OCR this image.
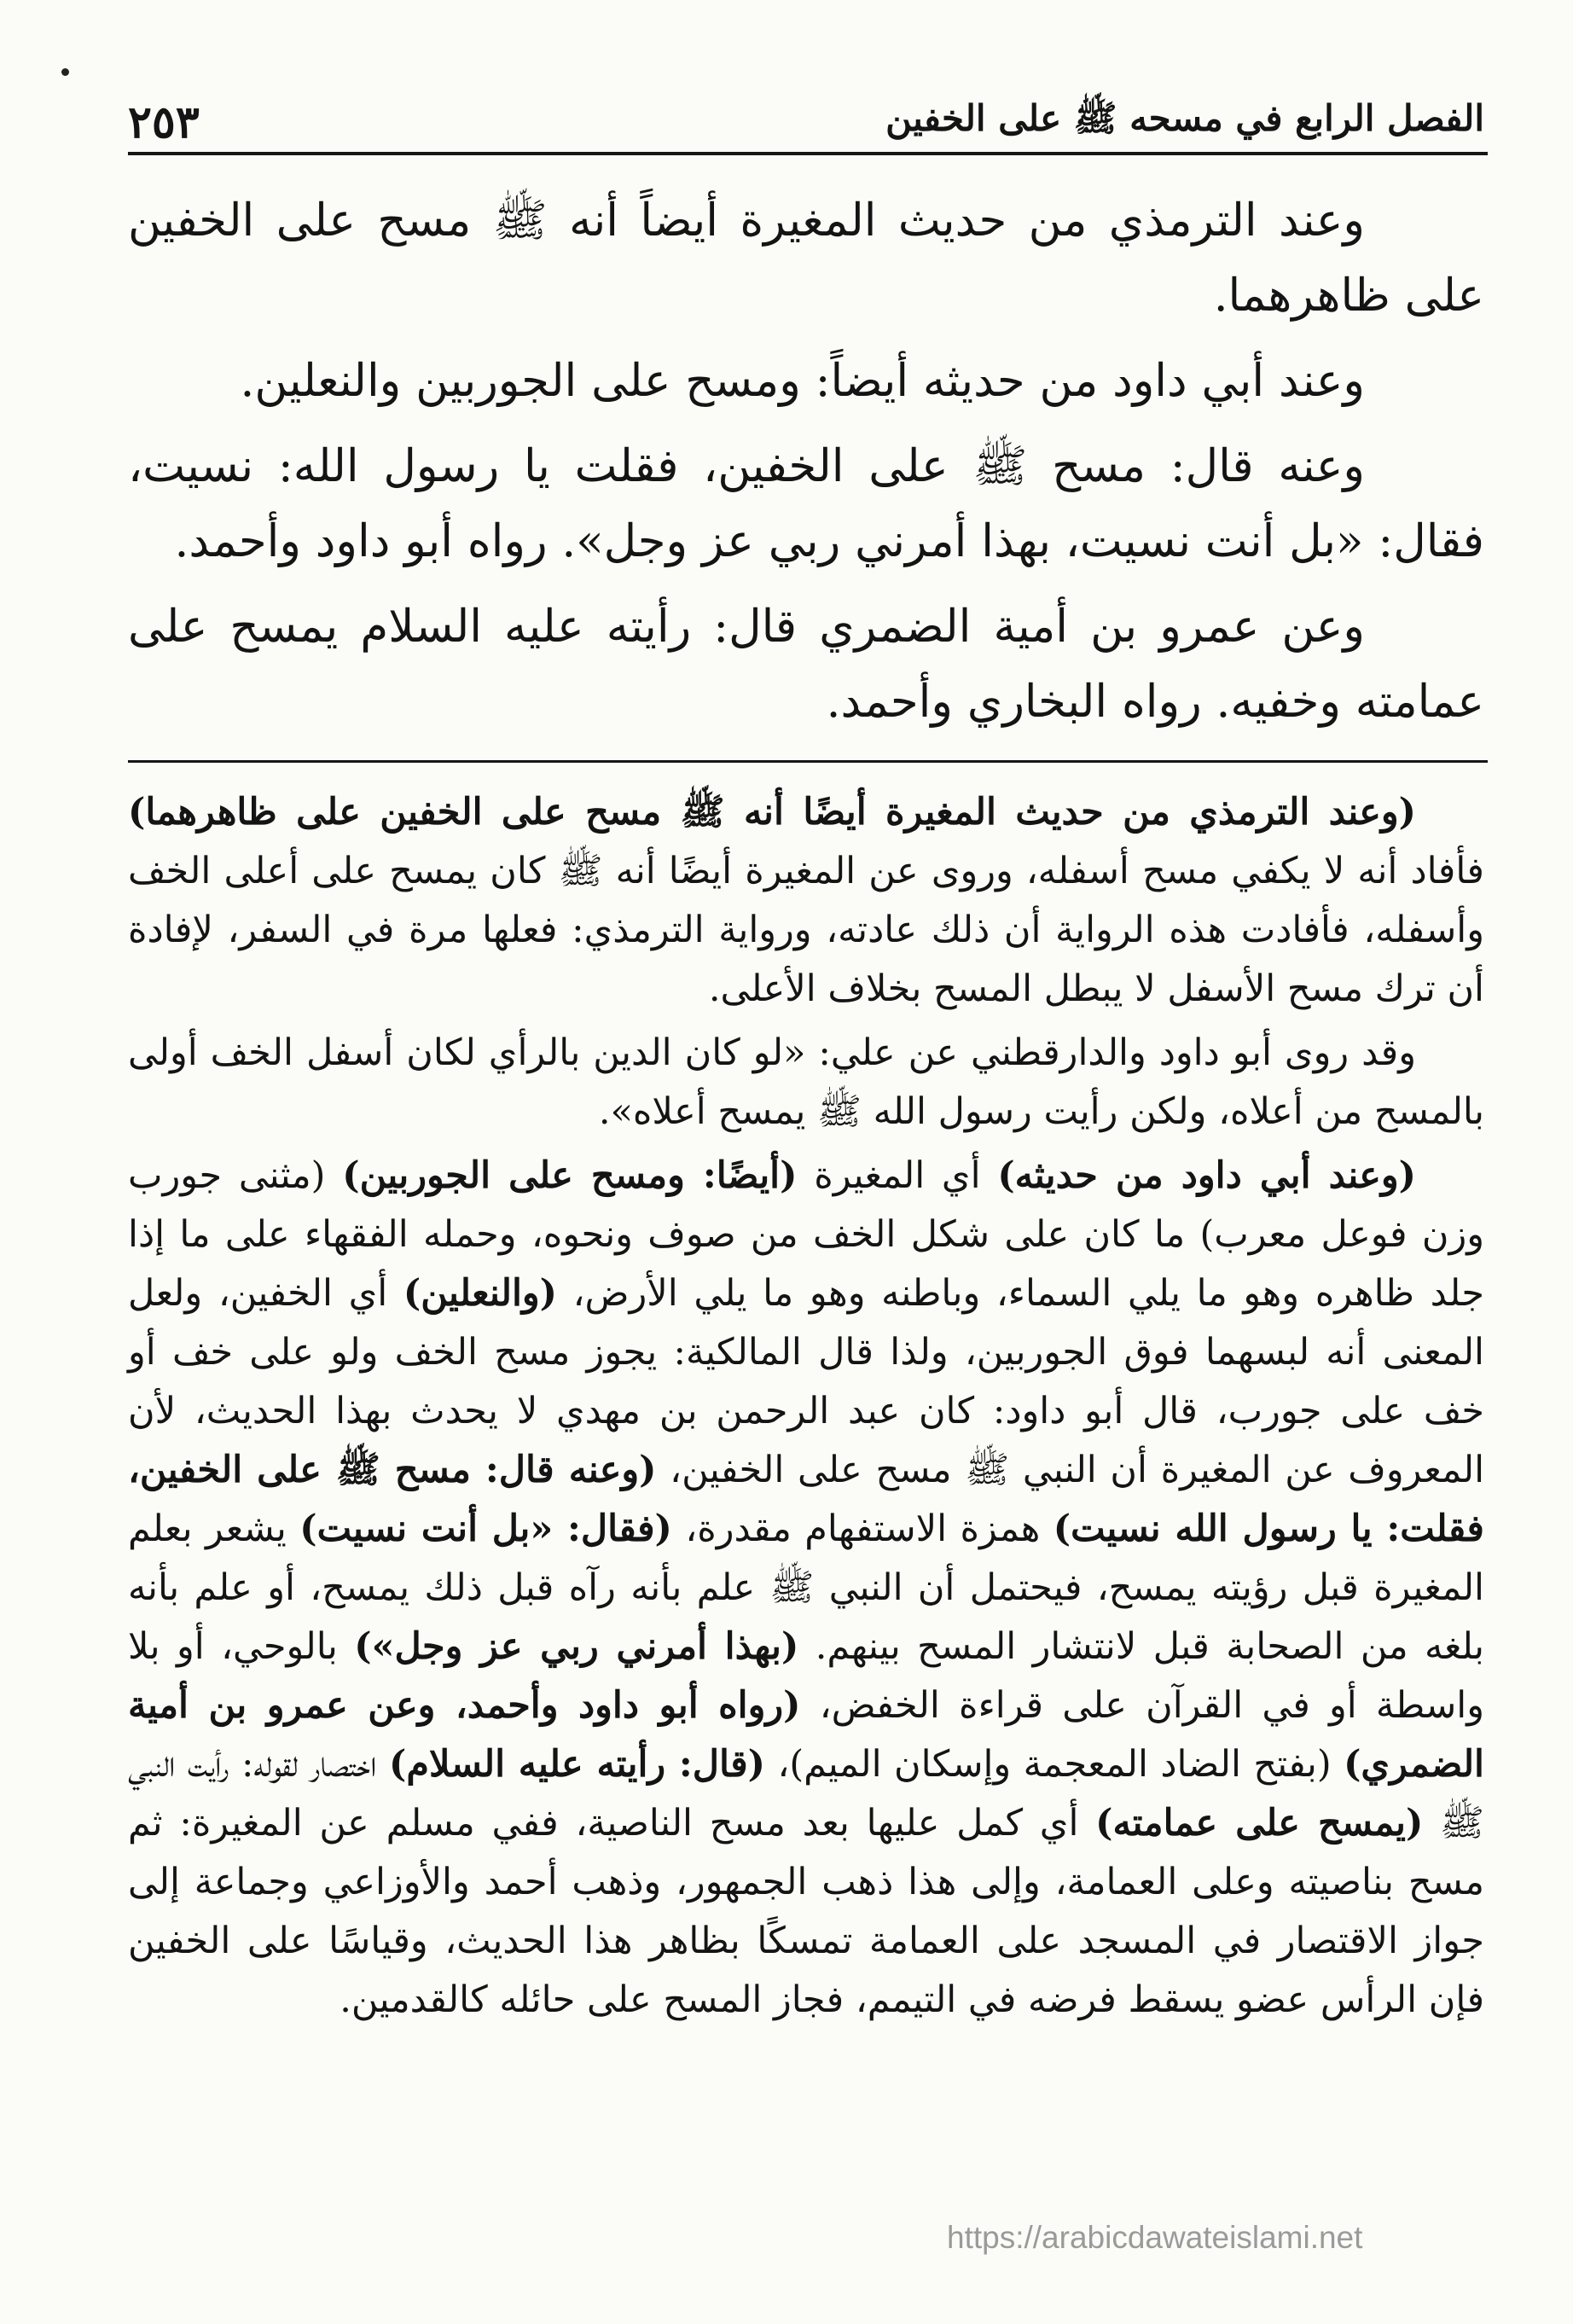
الفصل الرابع في مسحه ﷺ على الخفين
٢٥٣

وعند الترمذي من حديث المغيرة أيضاً أنه ﷺ مسح على الخفين على ظاهرهما.

وعند أبي داود من حديثه أيضاً: ومسح على الجوربين والنعلين.

وعنه قال: مسح ﷺ على الخفين، فقلت يا رسول الله: نسيت، فقال: «بل أنت نسيت، بهذا أمرني ربي عز وجل». رواه أبو داود وأحمد.

وعن عمرو بن أمية الضمري قال: رأيته عليه السلام يمسح على عمامته وخفيه. رواه البخاري وأحمد.

(وعند الترمذي من حديث المغيرة أيضًا أنه ﷺ مسح على الخفين على ظاهرهما) فأفاد أنه لا يكفي مسح أسفله، وروى عن المغيرة أيضًا أنه ﷺ كان يمسح على أعلى الخف وأسفله، فأفادت هذه الرواية أن ذلك عادته، ورواية الترمذي: فعلها مرة في السفر، لإفادة أن ترك مسح الأسفل لا يبطل المسح بخلاف الأعلى.

وقد روى أبو داود والدارقطني عن علي: «لو كان الدين بالرأي لكان أسفل الخف أولى بالمسح من أعلاه، ولكن رأيت رسول الله ﷺ يمسح أعلاه».

(وعند أبي داود من حديثه) أي المغيرة (أيضًا: ومسح على الجوربين) (مثنى جورب وزن فوعل معرب) ما كان على شكل الخف من صوف ونحوه، وحمله الفقهاء على ما إذا جلد ظاهره وهو ما يلي السماء، وباطنه وهو ما يلي الأرض، (والنعلين) أي الخفين، ولعل المعنى أنه لبسهما فوق الجوربين، ولذا قال المالكية: يجوز مسح الخف ولو على خف أو خف على جورب، قال أبو داود: كان عبد الرحمن بن مهدي لا يحدث بهذا الحديث، لأن المعروف عن المغيرة أن النبي ﷺ مسح على الخفين، (وعنه قال: مسح ﷺ على الخفين، فقلت: يا رسول الله نسيت) همزة الاستفهام مقدرة، (فقال: «بل أنت نسيت) يشعر بعلم المغيرة قبل رؤيته يمسح، فيحتمل أن النبي ﷺ علم بأنه رآه قبل ذلك يمسح، أو علم بأنه بلغه من الصحابة قبل لانتشار المسح بينهم. (بهذا أمرني ربي عز وجل») بالوحي، أو بلا واسطة أو في القرآن على قراءة الخفض، (رواه أبو داود وأحمد، وعن عمرو بن أمية الضمري) (بفتح الضاد المعجمة وإسكان الميم)، (قال: رأيته عليه السلام) اختصار لقوله: رأيت النبي ﷺ (يمسح على عمامته) أي كمل عليها بعد مسح الناصية، ففي مسلم عن المغيرة: ثم مسح بناصيته وعلى العمامة، وإلى هذا ذهب الجمهور، وذهب أحمد والأوزاعي وجماعة إلى جواز الاقتصار في المسجد على العمامة تمسكًا بظاهر هذا الحديث، وقياسًا على الخفين فإن الرأس عضو يسقط فرضه في التيمم، فجاز المسح على حائله كالقدمين.

https://arabicdawateislami.net
